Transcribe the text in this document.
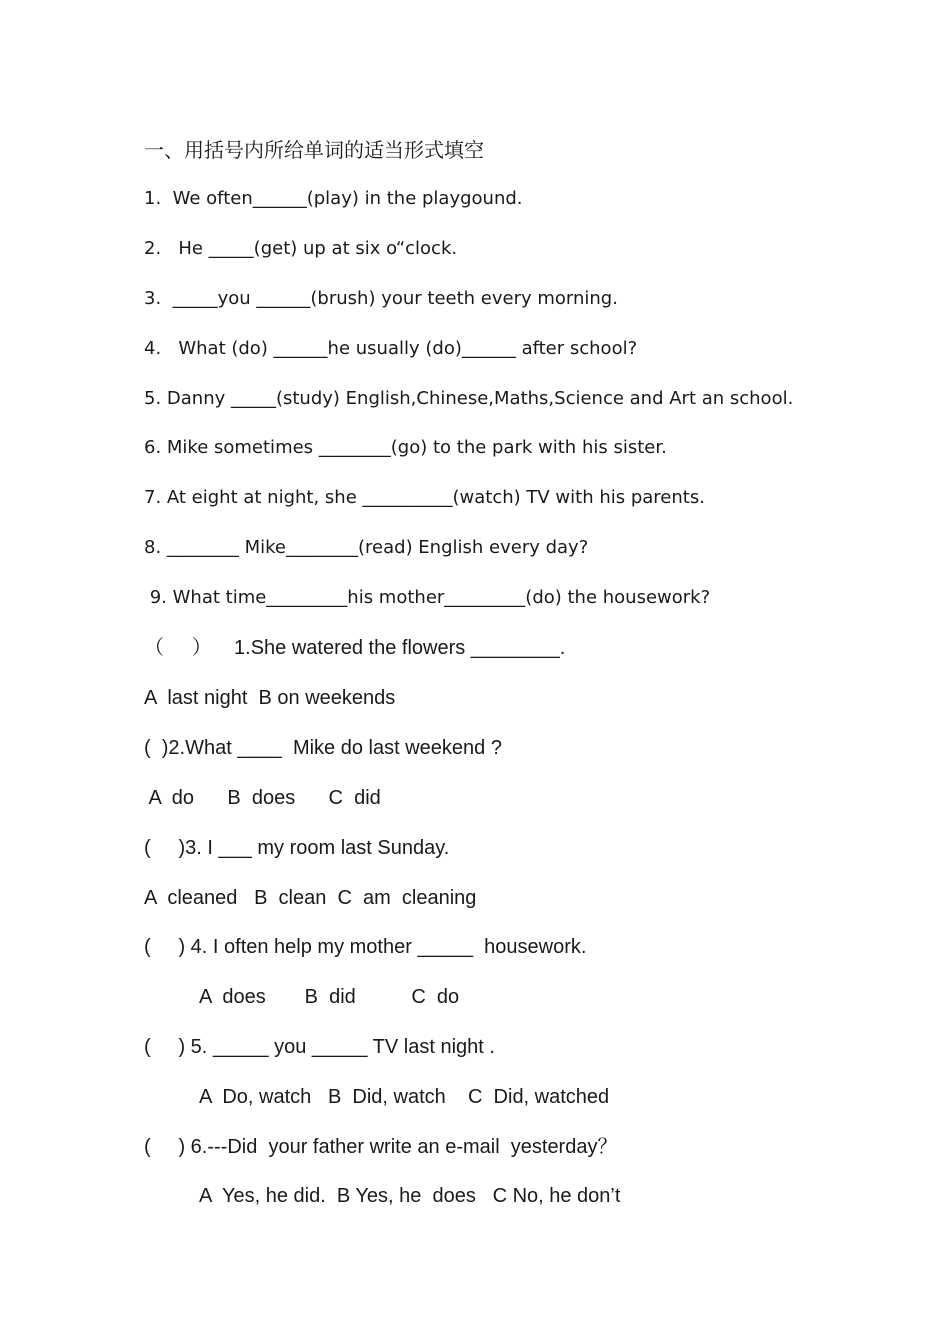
一、用括号内所给单词的适当形式填空
1.  We often______(play) in the playgound.
2.   He _____(get) up at six o“clock.
3.  _____you ______(brush) your teeth every morning.
4.   What (do) ______he usually (do)______ after school?
5. Danny _____(study) English,Chinese,Maths,Science and Art an school.
6. Mike sometimes ________(go) to the park with his sister.
7. At eight at night, she __________(watch) TV with his parents.
8. ________ Mike________(read) English every day?
9. What time_________his mother_________(do) the housework?
（     ）    1.She watered the flowers ________.
A  last night  B on weekends
(  )2.What ____  Mike do last weekend ?
A  do      B  does      C  did
(     )3. I ___ my room last Sunday.
A  cleaned   B  clean  C  am  cleaning
(     ) 4. I often help my mother _____  housework.
A  does       B  did          C  do
(     ) 5. _____ you _____ TV last night .
A  Do, watch   B  Did, watch    C  Did, watched
(     ) 6.---Did  your father write an e-mail  yesterday？
A  Yes, he did.  B Yes, he  does   C No, he don’t
